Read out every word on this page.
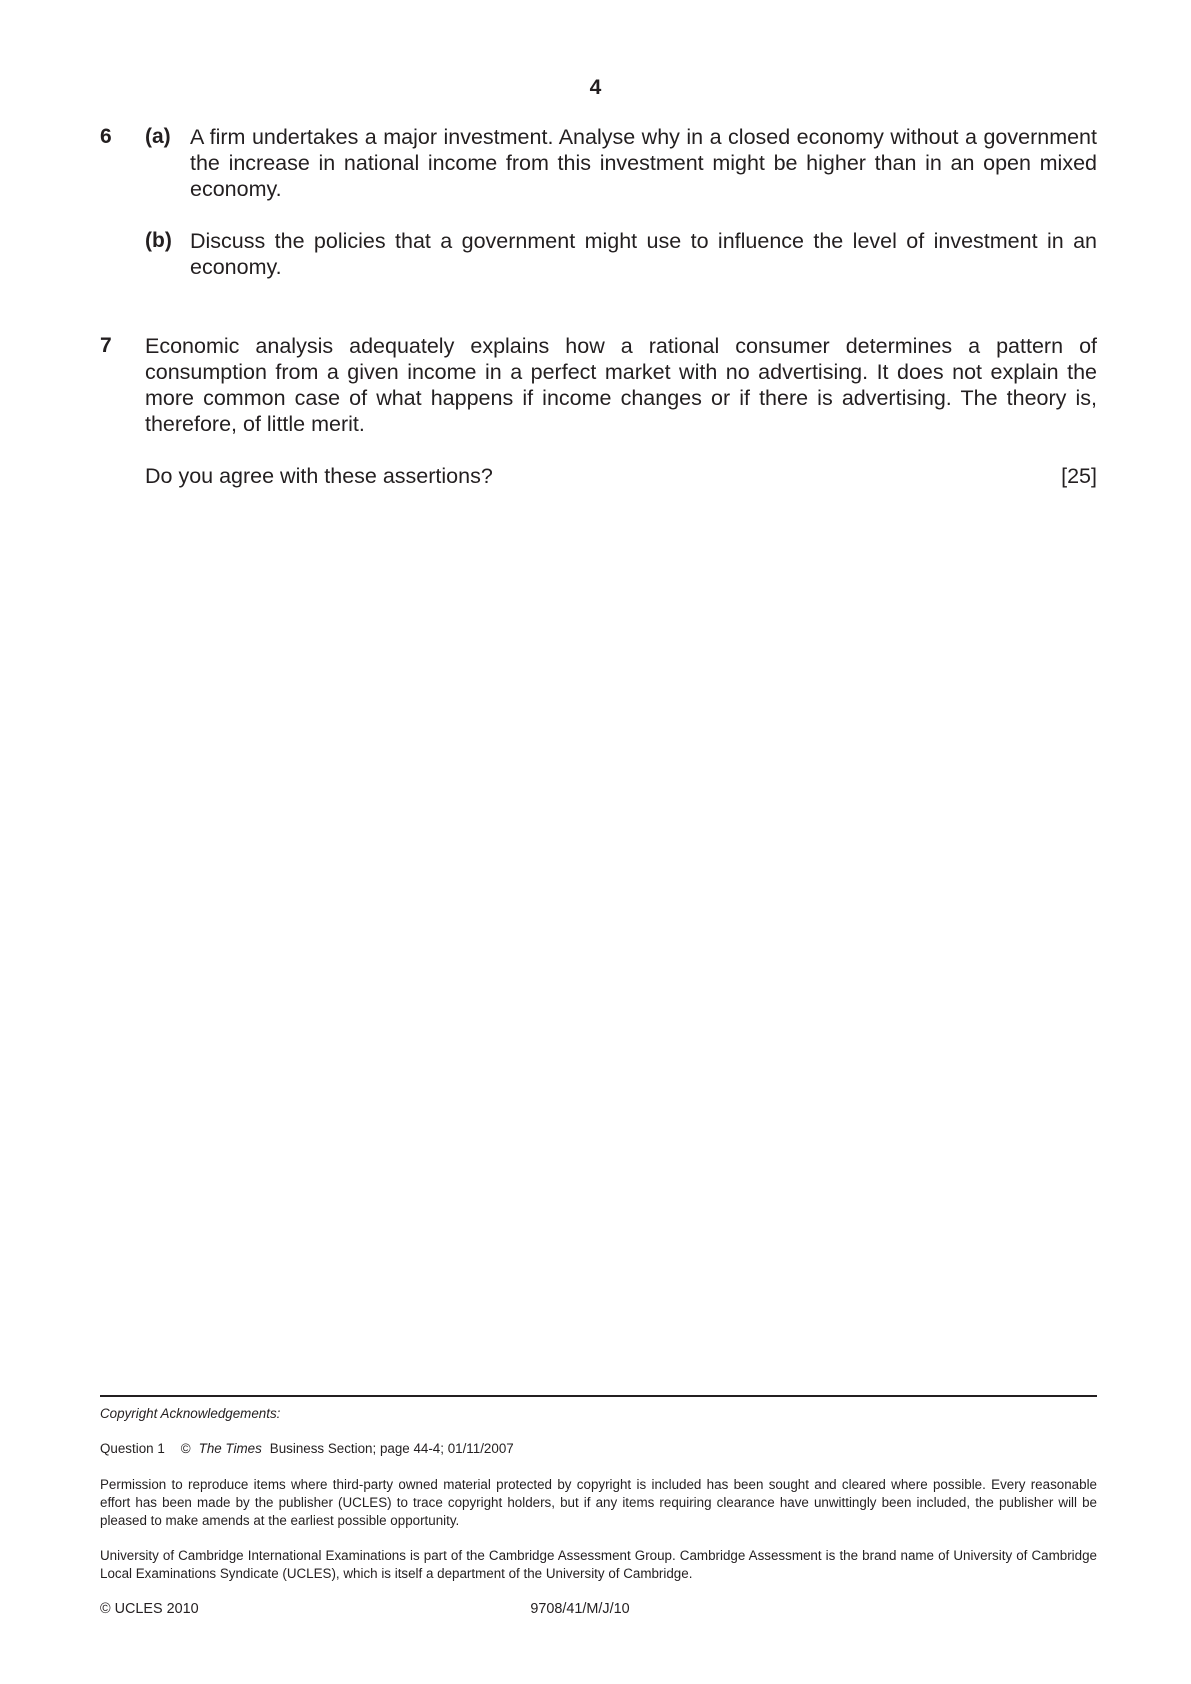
4
6 (a) A firm undertakes a major investment. Analyse why in a closed economy without a government the increase in national income from this investment might be higher than in an open mixed economy.

(b) Discuss the policies that a government might use to influence the level of investment in an economy.

7 Economic analysis adequately explains how a rational consumer determines a pattern of consumption from a given income in a perfect market with no advertising. It does not explain the more common case of what happens if income changes or if there is advertising. The theory is, therefore, of little merit.

Do you agree with these assertions?	[25]

Copyright Acknowledgements:

Question 1 © The Times Business Section; page 44-4; 01/11/2007

Permission to reproduce items where third-party owned material protected by copyright is included has been sought and cleared where possible. Every reasonable effort has been made by the publisher (UCLES) to trace copyright holders, but if any items requiring clearance have unwittingly been included, the publisher will be pleased to make amends at the earliest possible opportunity.

University of Cambridge International Examinations is part of the Cambridge Assessment Group. Cambridge Assessment is the brand name of University of Cambridge Local Examinations Syndicate (UCLES), which is itself a department of the University of Cambridge.

© UCLES 2010	9708/41/M/J/10
